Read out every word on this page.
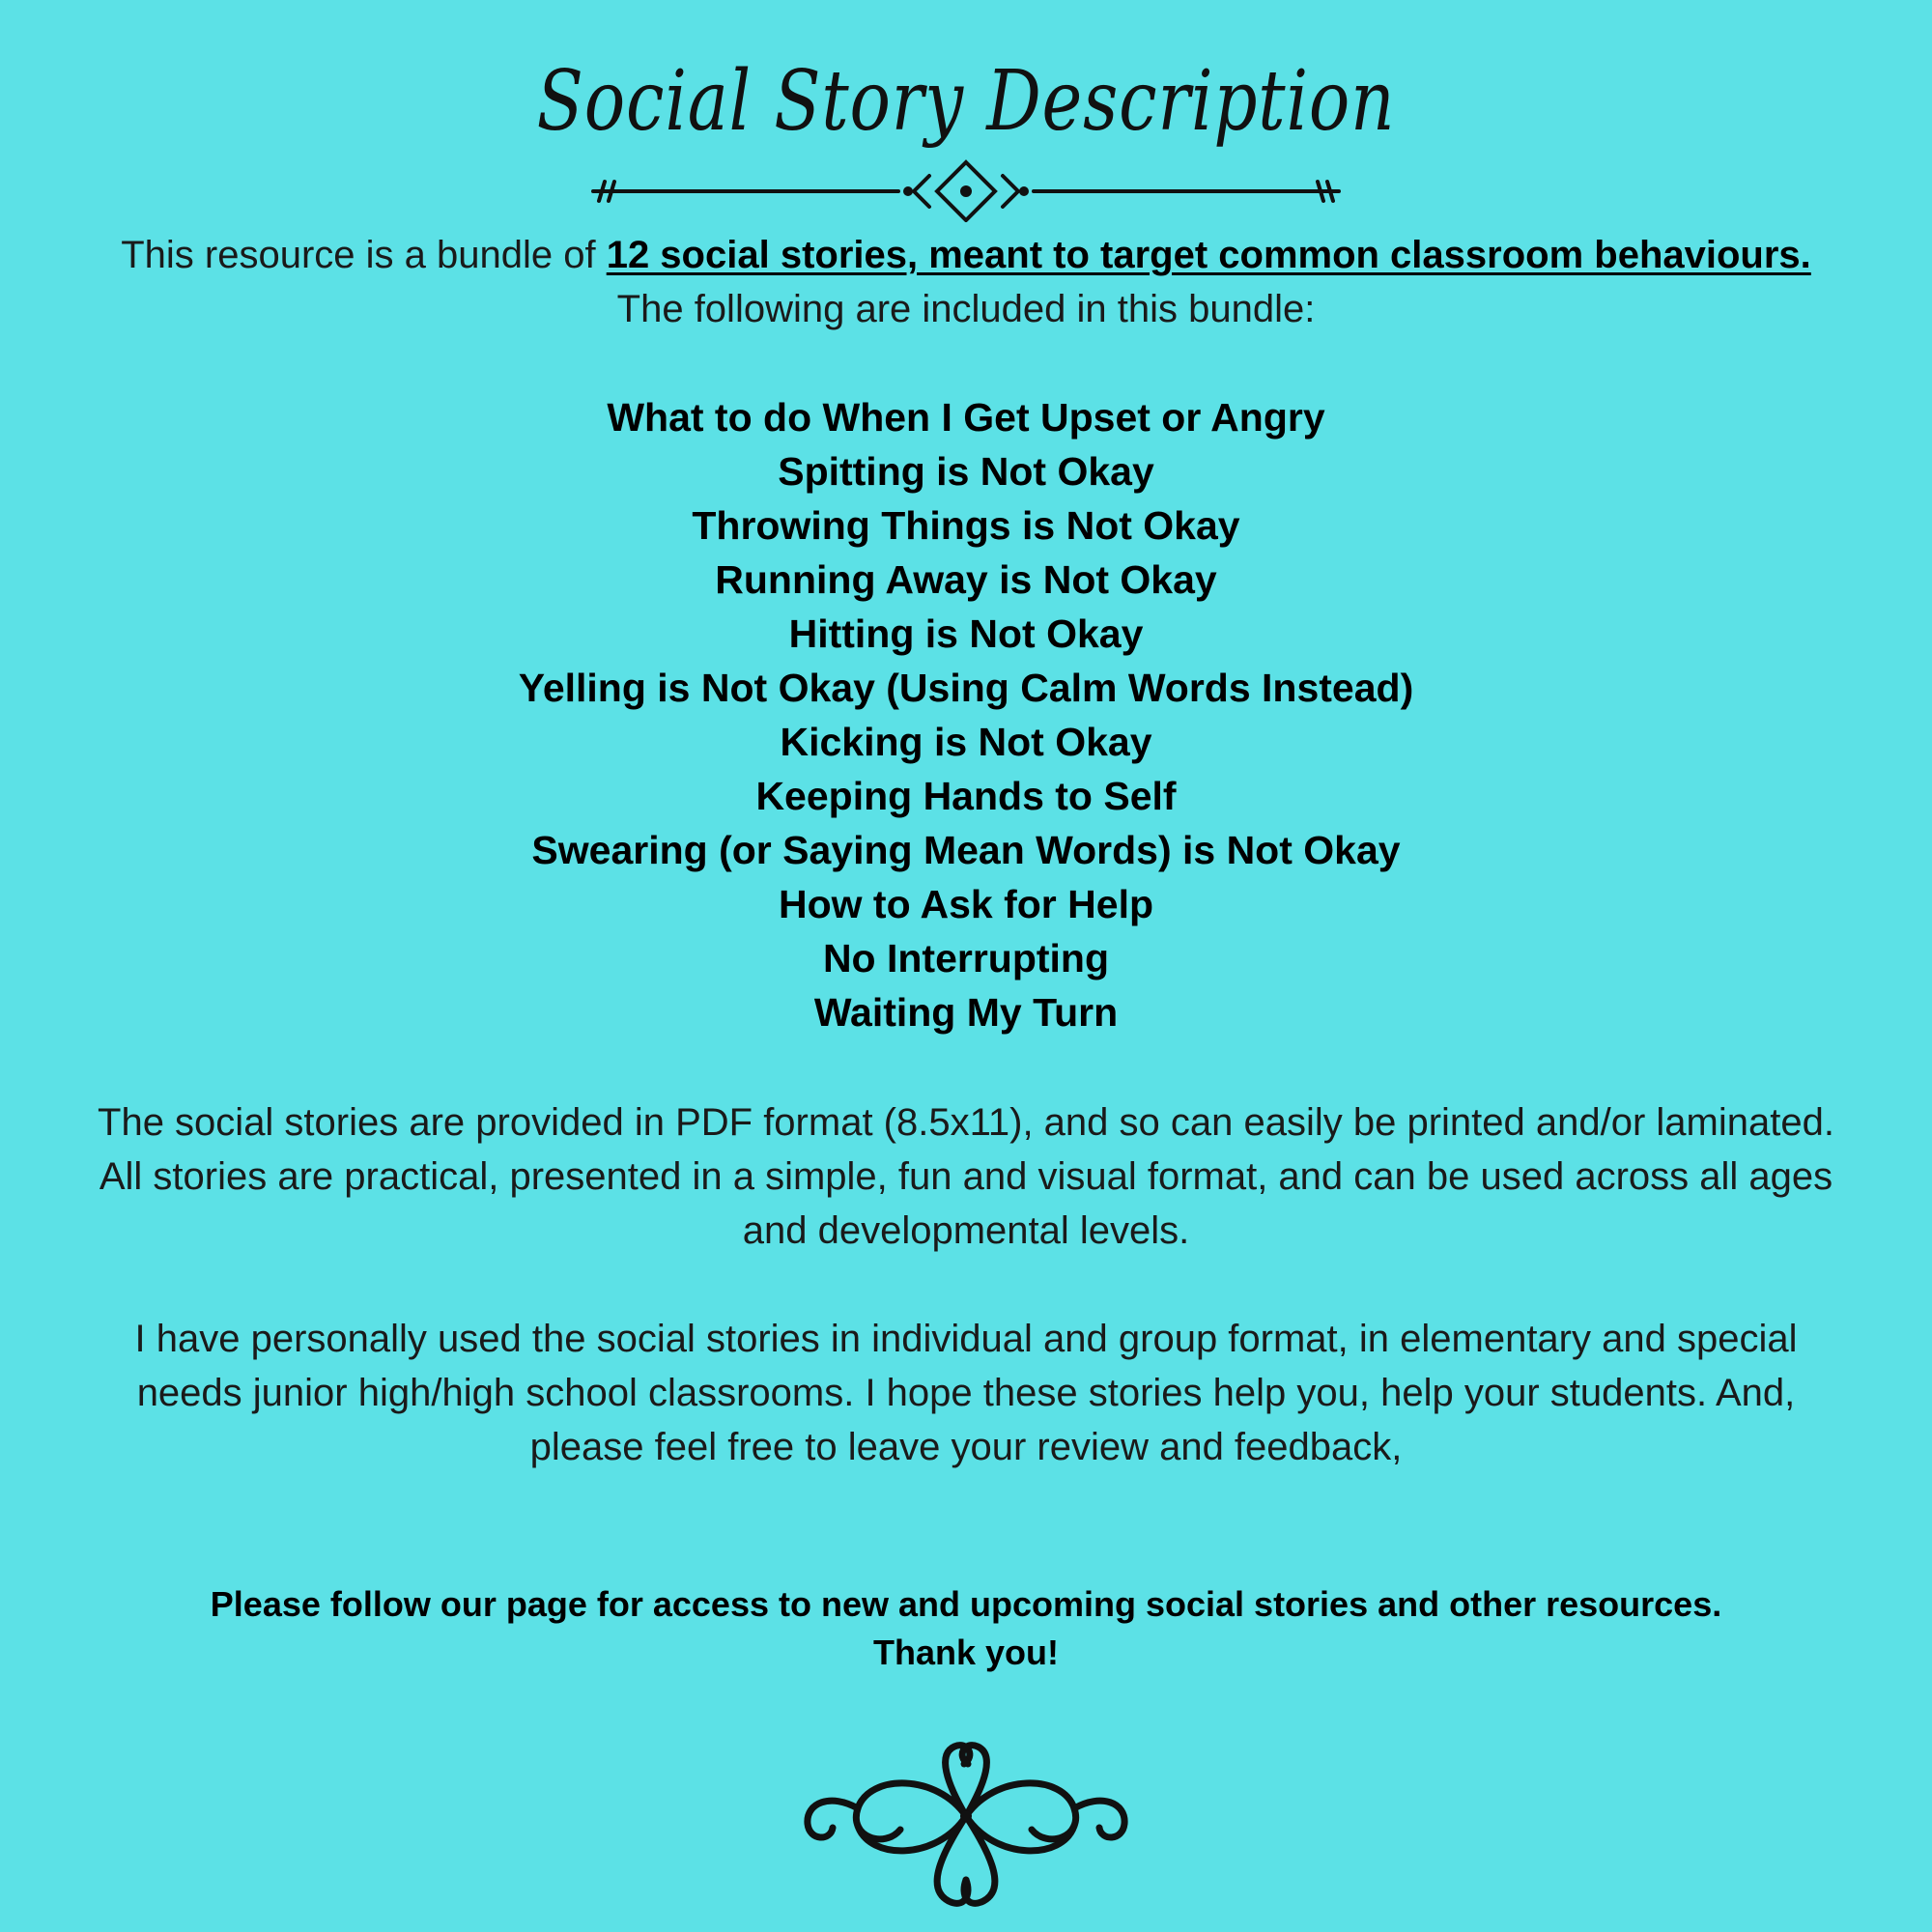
Social Story Description

This resource is a bundle of 12 social stories, meant to target common classroom behaviours. The following are included in this bundle:

What to do When I Get Upset or Angry
Spitting is Not Okay
Throwing Things is Not Okay
Running Away is Not Okay
Hitting is Not Okay
Yelling is Not Okay (Using Calm Words Instead)
Kicking is Not Okay
Keeping Hands to Self
Swearing (or Saying Mean Words) is Not Okay
How to Ask for Help
No Interrupting
Waiting My Turn

The social stories are provided in PDF format (8.5x11), and so can easily be printed and/or laminated. All stories are practical, presented in a simple, fun and visual format, and can be used across all ages and developmental levels.

I have personally used the social stories in individual and group format, in elementary and special needs junior high/high school classrooms. I hope these stories help you, help your students. And, please feel free to leave your review and feedback,

Please follow our page for access to new and upcoming social stories and other resources.
Thank you!
